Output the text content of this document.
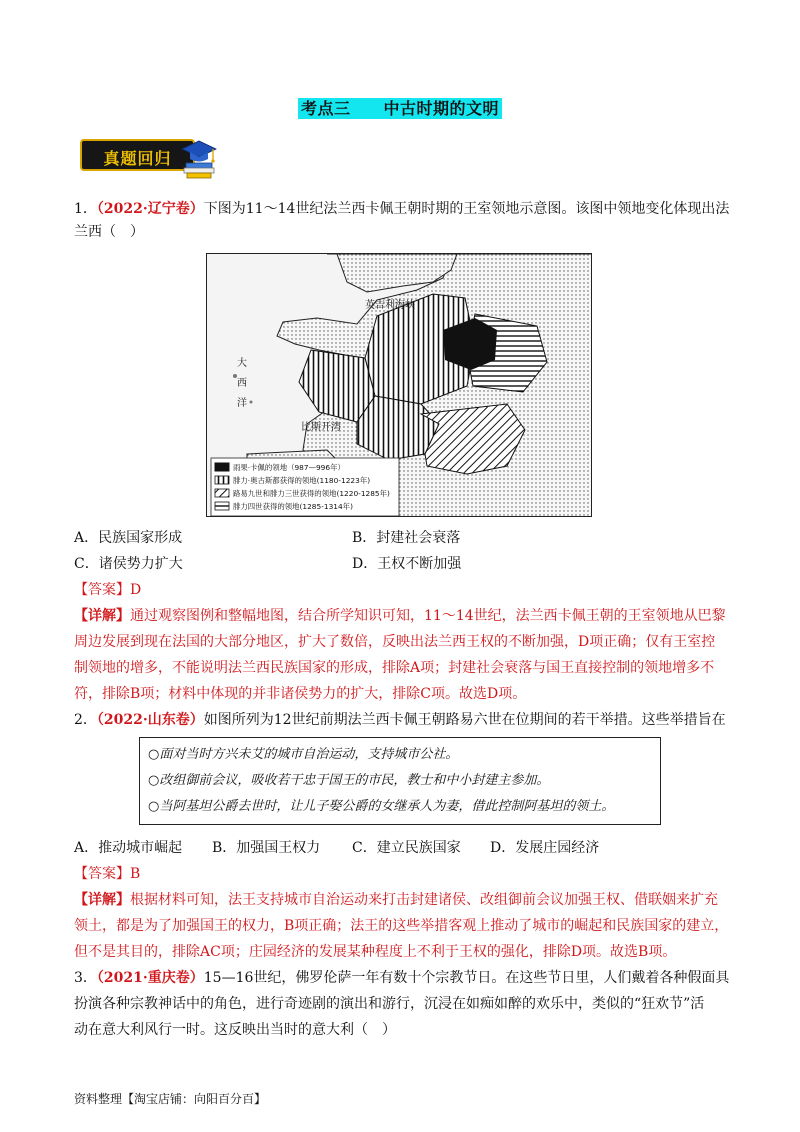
考点三　　中古时期的文明
真题回归
1．（2022·辽宁卷）下图为11～14世纪法兰西卡佩王朝时期的王室领地示意图。该图中领地变化体现出法
兰西（　）
英吉利海峡
大
西
洋
比斯开湾
雨果·卡佩的领地（987—996年）
腓力·奥古斯都获得的领地(1180-1223年)
路易九世和腓力三世获得的领地(1220-1285年)
腓力四世获得的领地(1285-1314年)
A．民族国家形成	B．封建社会衰落
C．诸侯势力扩大	D．王权不断加强
【答案】D
【详解】通过观察图例和整幅地图，结合所学知识可知，11～14世纪，法兰西卡佩王朝的王室领地从巴黎
周边发展到现在法国的大部分地区，扩大了数倍，反映出法兰西王权的不断加强，D项正确；仅有王室控
制领地的增多，不能说明法兰西民族国家的形成，排除A项；封建社会衰落与国王直接控制的领地增多不
符，排除B项；材料中体现的并非诸侯势力的扩大，排除C项。故选D项。
2．（2022·山东卷）如图所列为12世纪前期法兰西卡佩王朝路易六世在位期间的若干举措。这些举措旨在
○面对当时方兴未艾的城市自治运动，支持城市公社。
○改组御前会议，吸收若干忠于国王的市民，教士和中小封建主参加。
○当阿基坦公爵去世时，让儿子娶公爵的女继承人为妻，借此控制阿基坦的领土。
A．推动城市崛起 B．加强国王权力 C．建立民族国家 D．发展庄园经济
【答案】B
【详解】根据材料可知，法王支持城市自治运动来打击封建诸侯、改组御前会议加强王权、借联姻来扩充
领土，都是为了加强国王的权力，B项正确；法王的这些举措客观上推动了城市的崛起和民族国家的建立，
但不是其目的，排除AC项；庄园经济的发展某种程度上不利于王权的强化，排除D项。故选B项。
3．（2021·重庆卷）15—16世纪，佛罗伦萨一年有数十个宗教节日。在这些节日里，人们戴着各种假面具
扮演各种宗教神话中的角色，进行奇迹剧的演出和游行，沉浸在如痴如醉的欢乐中，类似的“狂欢节”活
动在意大利风行一时。这反映出当时的意大利（　）
资料整理【淘宝店铺：向阳百分百】
